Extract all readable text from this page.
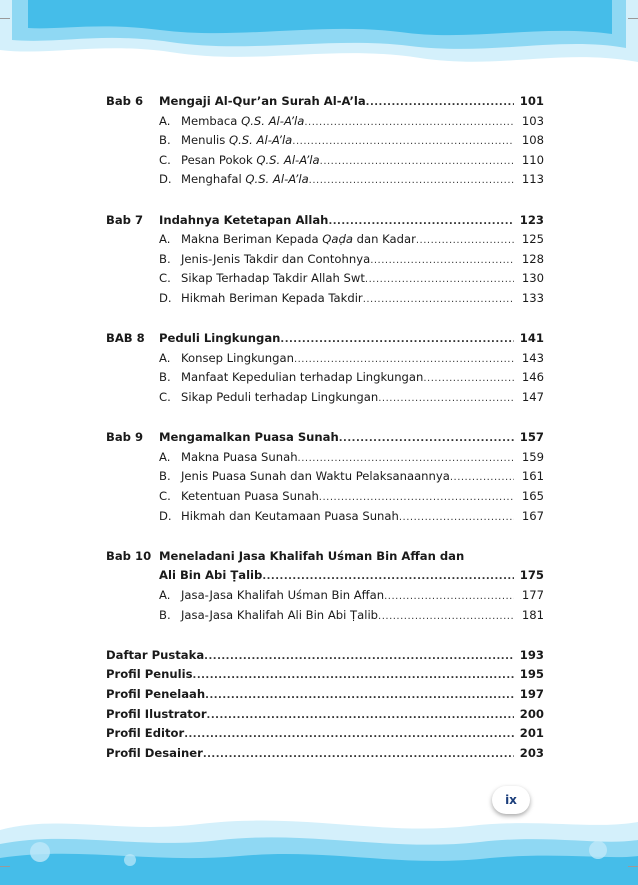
Bab 6 Mengaji Al-Qur’an Surah Al-A’la .....	101
A. Membaca Q.S. Al-A’la .....	103
B. Menulis Q.S. Al-A’la .....	108
C. Pesan Pokok Q.S. Al-A’la .....	110
D. Menghafal Q.S. Al-A’la .....	113
Bab 7 Indahnya Ketetapan Allah .....	123
A. Makna Beriman Kepada Qaḍa dan Kadar .....	125
B. Jenis-Jenis Takdir dan Contohnya .....	128
C. Sikap Terhadap Takdir Allah Swt .....	130
D. Hikmah Beriman Kepada Takdir .....	133
BAB 8 Peduli Lingkungan .....	141
A. Konsep Lingkungan .....	143
B. Manfaat Kepedulian terhadap Lingkungan .....	146
C. Sikap Peduli terhadap Lingkungan .....	147
Bab 9 Mengamalkan Puasa Sunah .....	157
A. Makna Puasa Sunah .....	159
B. Jenis Puasa Sunah dan Waktu Pelaksanaannya .....	161
C. Ketentuan Puasa Sunah .....	165
D. Hikmah dan Keutamaan Puasa Sunah .....	167
Bab 10 Meneladani Jasa Khalifah Uśman Bin Affan dan
Ali Bin Abi Ṭalib .....	175
A. Jasa-Jasa Khalifah Uśman Bin Affan .....	177
B. Jasa-Jasa Khalifah Ali Bin Abi Ṭalib .....	181
Daftar Pustaka .....	193
Profil Penulis .....	195
Profil Penelaah .....	197
Profil Ilustrator .....	200
Profil Editor .....	201
Profil Desainer .....	203
ix
